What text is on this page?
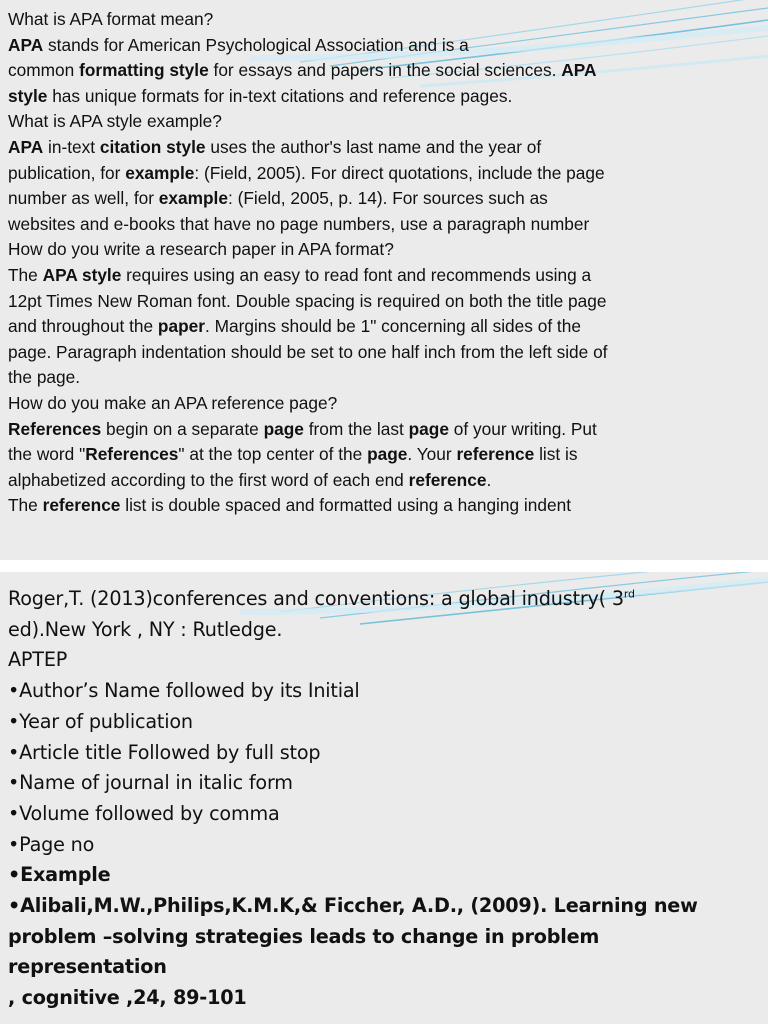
What is APA format mean?

APA stands for American Psychological Association and is a

common formatting style for essays and papers in the social sciences. APA

style has unique formats for in-text citations and reference pages.

What is APA style example?

APA in-text citation style uses the author's last name and the year of

publication, for example: (Field, 2005). For direct quotations, include the page

number as well, for example: (Field, 2005, p. 14). For sources such as

websites and e-books that have no page numbers, use a paragraph number

How do you write a research paper in APA format?

The APA style requires using an easy to read font and recommends using a

12pt Times New Roman font. Double spacing is required on both the title page

and throughout the paper. Margins should be 1" concerning all sides of the

page. Paragraph indentation should be set to one half inch from the left side of

the page.

How do you make an APA reference page?

References begin on a separate page from the last page of your writing. Put

the word "References" at the top center of the page. Your reference list is

alphabetized according to the first word of each end reference.

The reference list is double spaced and formatted using a hanging indent

Roger,T. (2013)conferences and conventions: a global industry( 3rd

ed).New York , NY : Rutledge.

APTEP

•Author’s Name followed by its Initial

•Year of publication

•Article title Followed by full stop

•Name of journal in italic form

•Volume followed by comma

•Page no

•Example

•Alibali,M.W.,Philips,K.M.K,& Ficcher, A.D., (2009). Learning new

problem –solving strategies leads to change in problem representation

, cognitive ,24, 89-101
